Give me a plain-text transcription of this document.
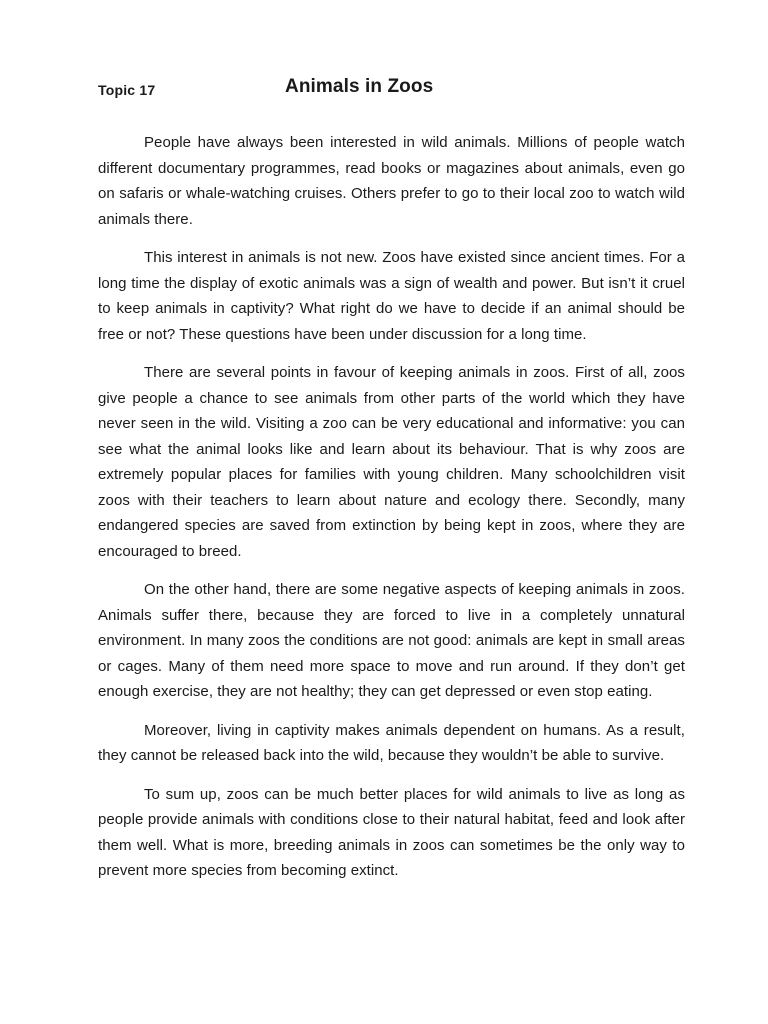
Topic 17	Animals in Zoos

People have always been interested in wild animals. Millions of people watch different documentary programmes, read books or magazines about animals, even go on safaris or whale-watching cruises. Others prefer to go to their local zoo to watch wild animals there.

This interest in animals is not new. Zoos have existed since ancient times. For a long time the display of exotic animals was a sign of wealth and power. But isn’t it cruel to keep animals in captivity? What right do we have to decide if an animal should be free or not? These questions have been under discussion for a long time.

There are several points in favour of keeping animals in zoos. First of all, zoos give people a chance to see animals from other parts of the world which they have never seen in the wild. Visiting a zoo can be very educational and informative: you can see what the animal looks like and learn about its behaviour. That is why zoos are extremely popular places for families with young children. Many schoolchildren visit zoos with their teachers to learn about nature and ecology there. Secondly, many endangered species are saved from extinction by being kept in zoos, where they are encouraged to breed.

On the other hand, there are some negative aspects of keeping animals in zoos. Animals suffer there, because they are forced to live in a completely unnatural environment. In many zoos the conditions are not good: animals are kept in small areas or cages. Many of them need more space to move and run around. If they don’t get enough exercise, they are not healthy; they can get depressed or even stop eating.

Moreover, living in captivity makes animals dependent on humans. As a result, they cannot be released back into the wild, because they wouldn’t be able to survive.

To sum up, zoos can be much better places for wild animals to live as long as people provide animals with conditions close to their natural habitat, feed and look after them well. What is more, breeding animals in zoos can sometimes be the only way to prevent more species from becoming extinct.
